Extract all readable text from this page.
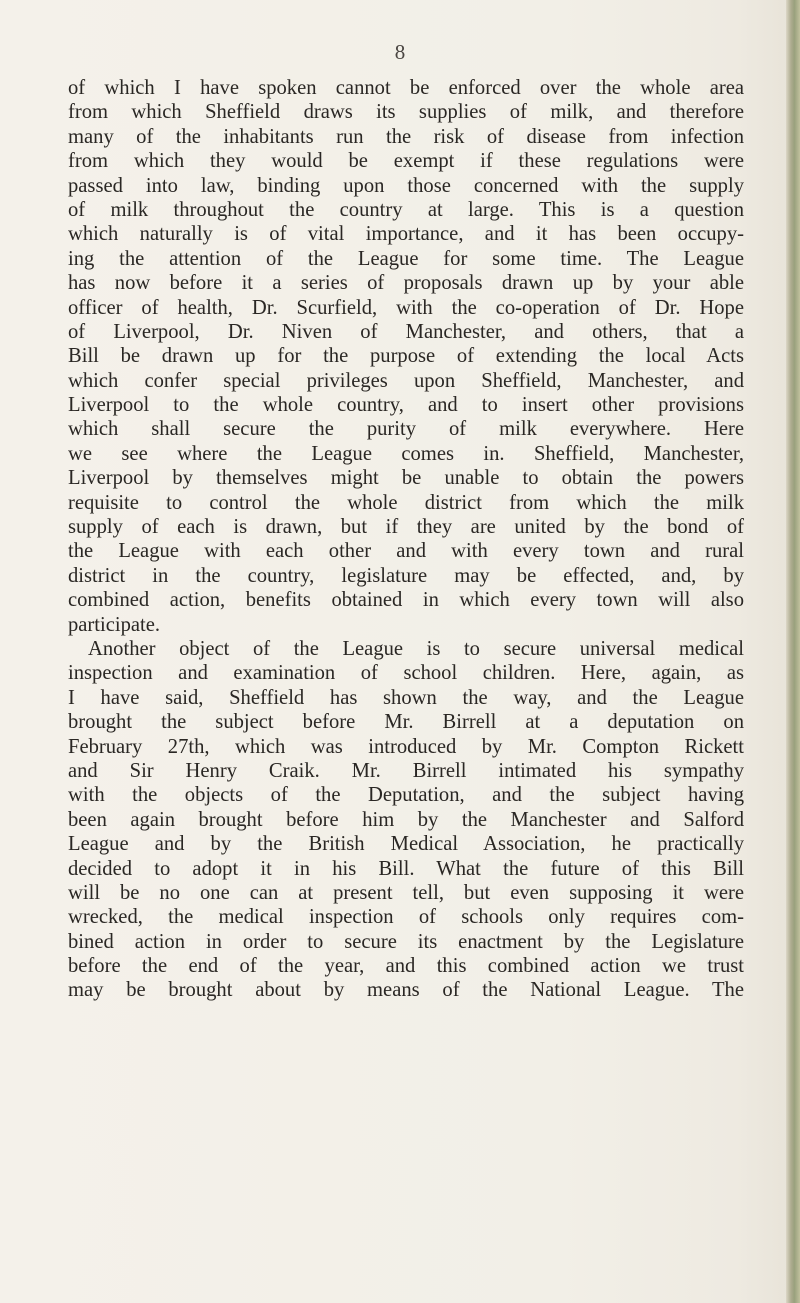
8

of which I have spoken cannot be enforced over the whole area
from which Sheffield draws its supplies of milk, and therefore
many of the inhabitants run the risk of disease from infection
from which they would be exempt if these regulations were
passed into law, binding upon those concerned with the supply
of milk throughout the country at large. This is a question
which naturally is of vital importance, and it has been occupy-
ing the attention of the League for some time. The League
has now before it a series of proposals drawn up by your able
officer of health, Dr. Scurfield, with the co-operation of Dr. Hope
of Liverpool, Dr. Niven of Manchester, and others, that a
Bill be drawn up for the purpose of extending the local Acts
which confer special privileges upon Sheffield, Manchester, and
Liverpool to the whole country, and to insert other provisions
which shall secure the purity of milk everywhere. Here
we see where the League comes in. Sheffield, Manchester,
Liverpool by themselves might be unable to obtain the powers
requisite to control the whole district from which the milk
supply of each is drawn, but if they are united by the bond of
the League with each other and with every town and rural
district in the country, legislature may be effected, and, by
combined action, benefits obtained in which every town will also
participate.
Another object of the League is to secure universal medical
inspection and examination of school children. Here, again, as
I have said, Sheffield has shown the way, and the League
brought the subject before Mr. Birrell at a deputation on
February 27th, which was introduced by Mr. Compton Rickett
and Sir Henry Craik. Mr. Birrell intimated his sympathy
with the objects of the Deputation, and the subject having
been again brought before him by the Manchester and Salford
League and by the British Medical Association, he practically
decided to adopt it in his Bill. What the future of this Bill
will be no one can at present tell, but even supposing it were
wrecked, the medical inspection of schools only requires com-
bined action in order to secure its enactment by the Legislature
before the end of the year, and this combined action we trust
may be brought about by means of the National League. The
